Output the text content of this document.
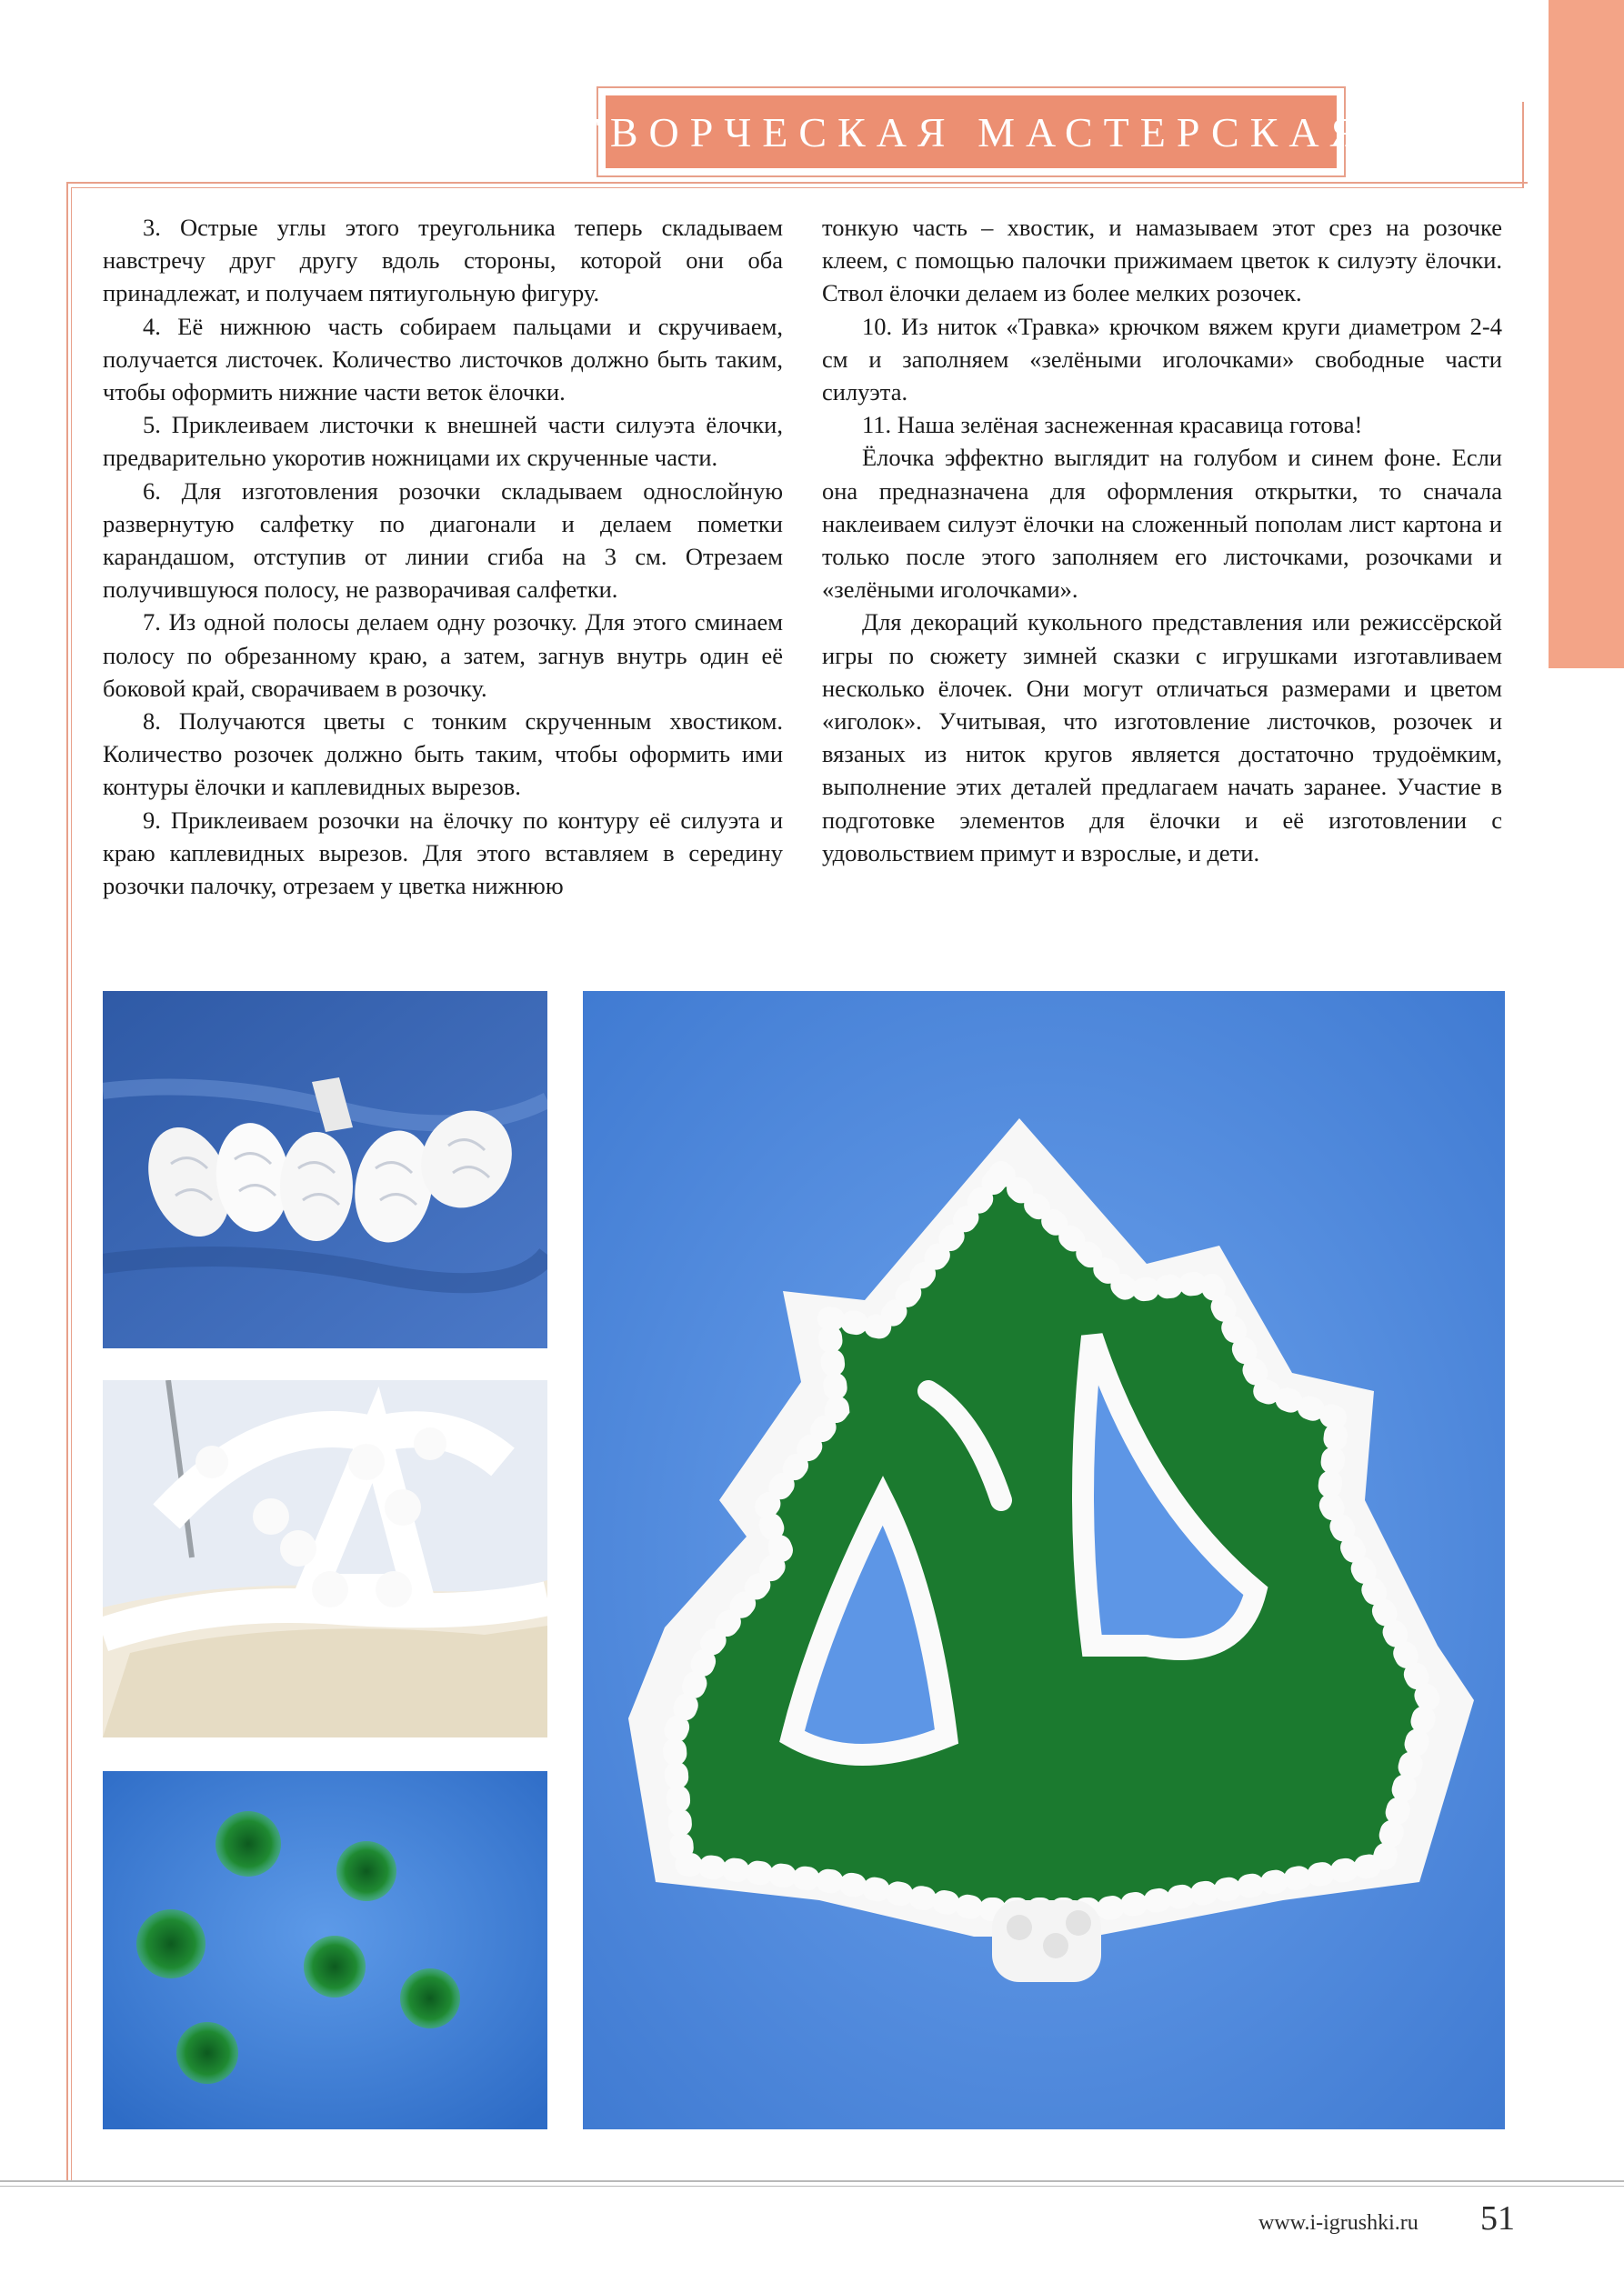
ТВОРЧЕСКАЯ МАСТЕРСКАЯ

3. Острые углы этого треугольника теперь складываем навстречу друг другу вдоль стороны, которой они оба принадлежат, и получаем пятиугольную фигуру.

4. Её нижнюю часть собираем пальцами и скручиваем, получается листочек. Количество листочков должно быть таким, чтобы оформить нижние части веток ёлочки.

5. Приклеиваем листочки к внешней части силуэта ёлочки, предварительно укоротив ножницами их скрученные части.

6. Для изготовления розочки складываем однослойную развернутую салфетку по диагонали и делаем пометки карандашом, отступив от линии сгиба на 3 см. Отрезаем получившуюся полосу, не разворачивая салфетки.

7. Из одной полосы делаем одну розочку. Для этого сминаем полосу по обрезанному краю, а затем, загнув внутрь один её боковой край, сворачиваем в розочку.

8. Получаются цветы с тонким скрученным хвостиком. Количество розочек должно быть таким, чтобы оформить ими контуры ёлочки и каплевидных вырезов.

9. Приклеиваем розочки на ёлочку по контуру её силуэта и краю каплевидных вырезов. Для этого вставляем в середину розочки палочку, отрезаем у цветка нижнюю

тонкую часть – хвостик, и намазываем этот срез на розочке клеем, с помощью палочки прижимаем цветок к силуэту ёлочки. Ствол ёлочки делаем из более мелких розочек.

10. Из ниток «Травка» крючком вяжем круги диаметром 2-4 см и заполняем «зелёными иголочками» свободные части силуэта.

11. Наша зелёная заснеженная красавица готова!

Ёлочка эффектно выглядит на голубом и синем фоне. Если она предназначена для оформления открытки, то сначала наклеиваем силуэт ёлочки на сложенный пополам лист картона и только после этого заполняем его листочками, розочками и «зелёными иголочками».

Для декораций кукольного представления или режиссёрской игры по сюжету зимней сказки с игрушками изготавливаем несколько ёлочек. Они могут отличаться размерами и цветом «иголок». Учитывая, что изготовление листочков, розочек и вязаных из ниток кругов является достаточно трудоёмким, выполнение этих деталей предлагаем начать заранее. Участие в подготовке элементов для ёлочки и её изготовлении с удовольствием примут и взрослые, и дети.

www.i-igrushki.ru 51
